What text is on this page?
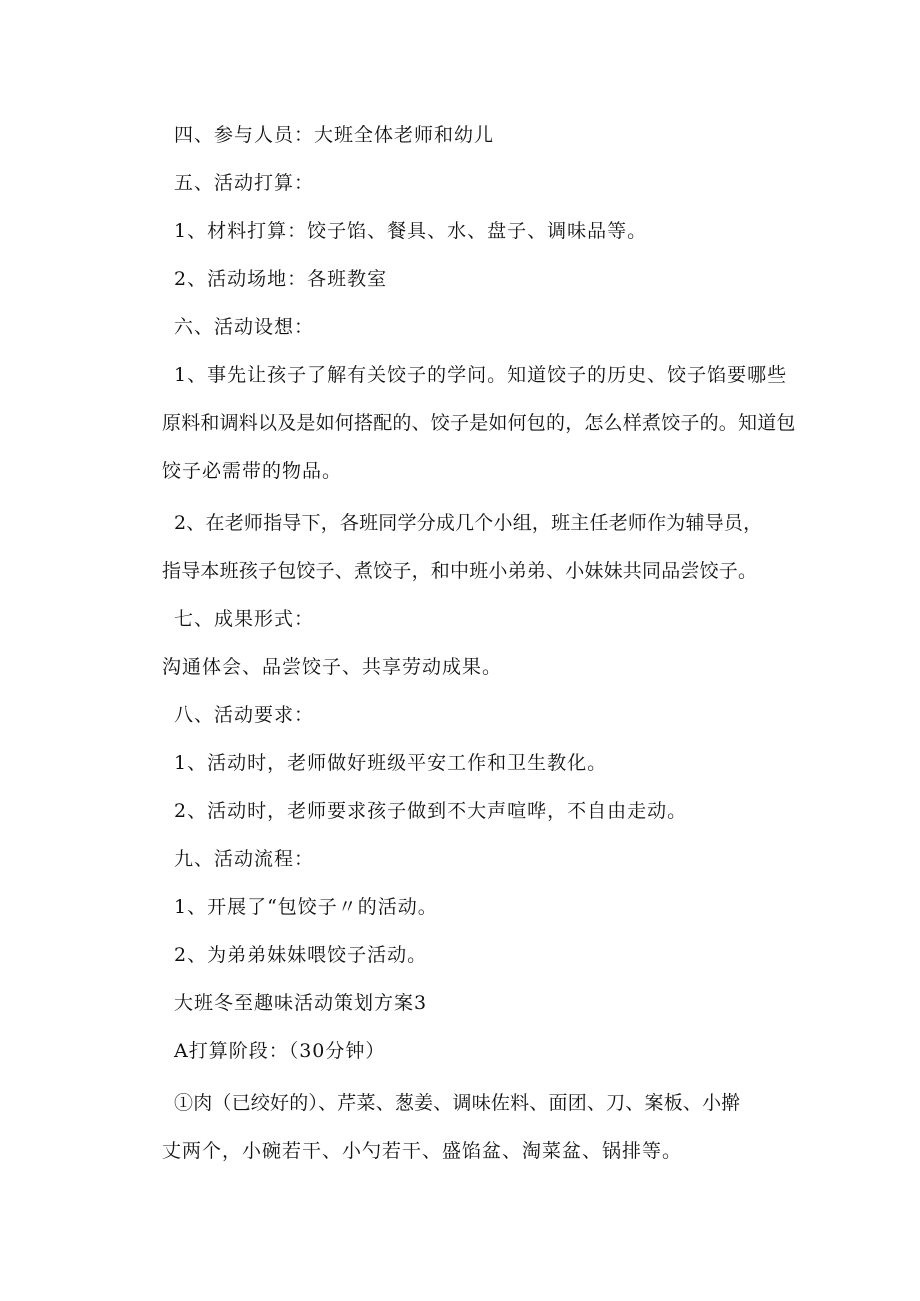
四、参与人员：大班全体老师和幼儿

五、活动打算：

1、材料打算：饺子馅、餐具、水、盘子、调味品等。

2、活动场地：各班教室

六、活动设想：

1、事先让孩子了解有关饺子的学问。知道饺子的历史、饺子馅要哪些

原料和调料以及是如何搭配的、饺子是如何包的，怎么样煮饺子的。知道包

饺子必需带的物品。

2、在老师指导下，各班同学分成几个小组，班主任老师作为辅导员，

指导本班孩子包饺子、煮饺子，和中班小弟弟、小妹妹共同品尝饺子。

七、成果形式：

沟通体会、品尝饺子、共享劳动成果。

八、活动要求：

1、活动时，老师做好班级平安工作和卫生教化。

2、活动时，老师要求孩子做到不大声喧哗，不自由走动。

九、活动流程：

1、开展了“包饺子〃的活动。

2、为弟弟妹妹喂饺子活动。

大班冬至趣味活动策划方案3

A打算阶段：（30分钟）

①肉（已绞好的）、芹菜、葱姜、调味佐料、面团、刀、案板、小擀

丈两个，小碗若干、小勺若干、盛馅盆、淘菜盆、锅排等。
